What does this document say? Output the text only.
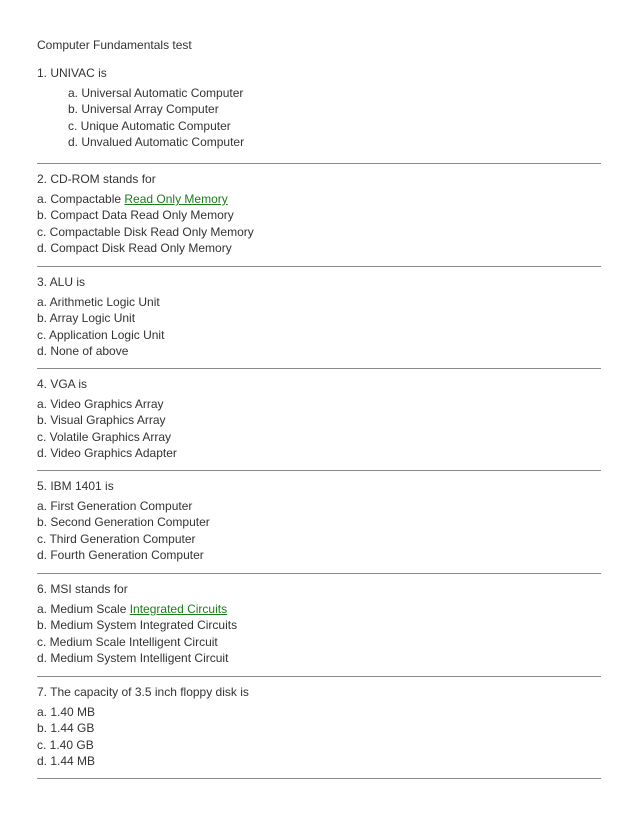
Computer Fundamentals test
1. UNIVAC is
a. Universal Automatic Computer
b. Universal Array Computer
c. Unique Automatic Computer
d. Unvalued Automatic Computer
2. CD-ROM stands for
a. Compactable Read Only Memory
b. Compact Data Read Only Memory
c. Compactable Disk Read Only Memory
d. Compact Disk Read Only Memory
3. ALU is
a. Arithmetic Logic Unit
b. Array Logic Unit
c. Application Logic Unit
d. None of above
4. VGA is
a. Video Graphics Array
b. Visual Graphics Array
c. Volatile Graphics Array
d. Video Graphics Adapter
5. IBM 1401 is
a. First Generation Computer
b. Second Generation Computer
c. Third Generation Computer
d. Fourth Generation Computer
6. MSI stands for
a. Medium Scale Integrated Circuits
b. Medium System Integrated Circuits
c. Medium Scale Intelligent Circuit
d. Medium System Intelligent Circuit
7. The capacity of 3.5 inch floppy disk is
a. 1.40 MB
b. 1.44 GB
c. 1.40 GB
d. 1.44 MB
